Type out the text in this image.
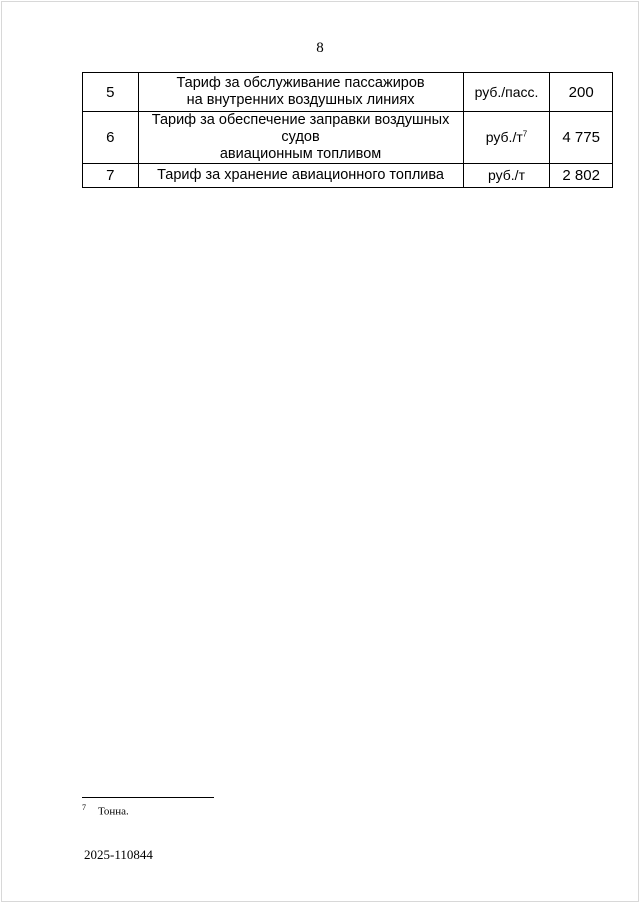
8
5	Тариф за обслуживание пассажиров
на внутренних воздушных линиях	руб./пасс.	200
6	Тариф за обеспечение заправки воздушных судов
авиационным топливом	руб./т$^7$	4 775
7	Тариф за хранение авиационного топлива	руб./т	2 802
7 Тонна.
2025-110844
